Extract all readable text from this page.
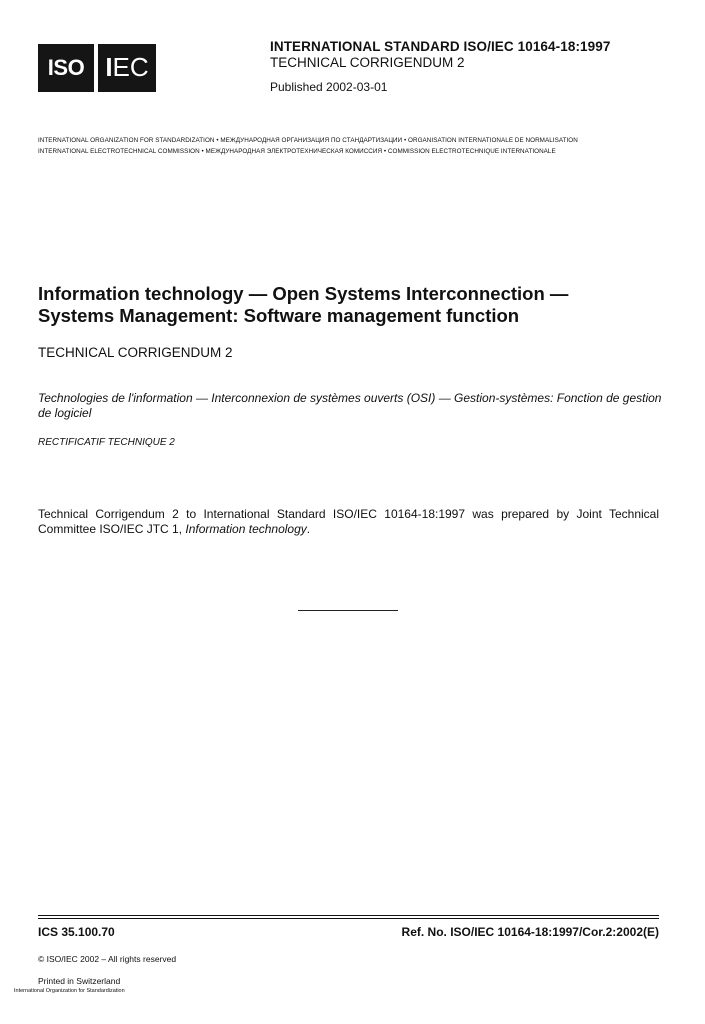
ISO IEC
INTERNATIONAL STANDARD ISO/IEC 10164-18:1997
TECHNICAL CORRIGENDUM 2
Published 2002-03-01
INTERNATIONAL ORGANIZATION FOR STANDARDIZATION • МЕЖДУНАРОДНАЯ ОРГАНИЗАЦИЯ ПО СТАНДАРТИЗАЦИИ • ORGANISATION INTERNATIONALE DE NORMALISATION
INTERNATIONAL ELECTROTECHNICAL COMMISSION • МЕЖДУНАРОДНАЯ ЭЛЕКТРОТЕХНИЧЕСКАЯ КОМИССИЯ • COMMISSION ELECTROTECHNIQUE INTERNATIONALE
Information technology — Open Systems Interconnection —
Systems Management: Software management function
TECHNICAL CORRIGENDUM 2
Technologies de l'information — Interconnexion de systèmes ouverts (OSI) — Gestion-systèmes: Fonction de gestion de logiciel
RECTIFICATIF TECHNIQUE 2
Technical Corrigendum 2 to International Standard ISO/IEC 10164-18:1997 was prepared by Joint Technical Committee ISO/IEC JTC 1, Information technology.
ICS 35.100.70	Ref. No. ISO/IEC 10164-18:1997/Cor.2:2002(E)
© ISO/IEC 2002 – All rights reserved
Printed in Switzerland
International Organization for Standardization
